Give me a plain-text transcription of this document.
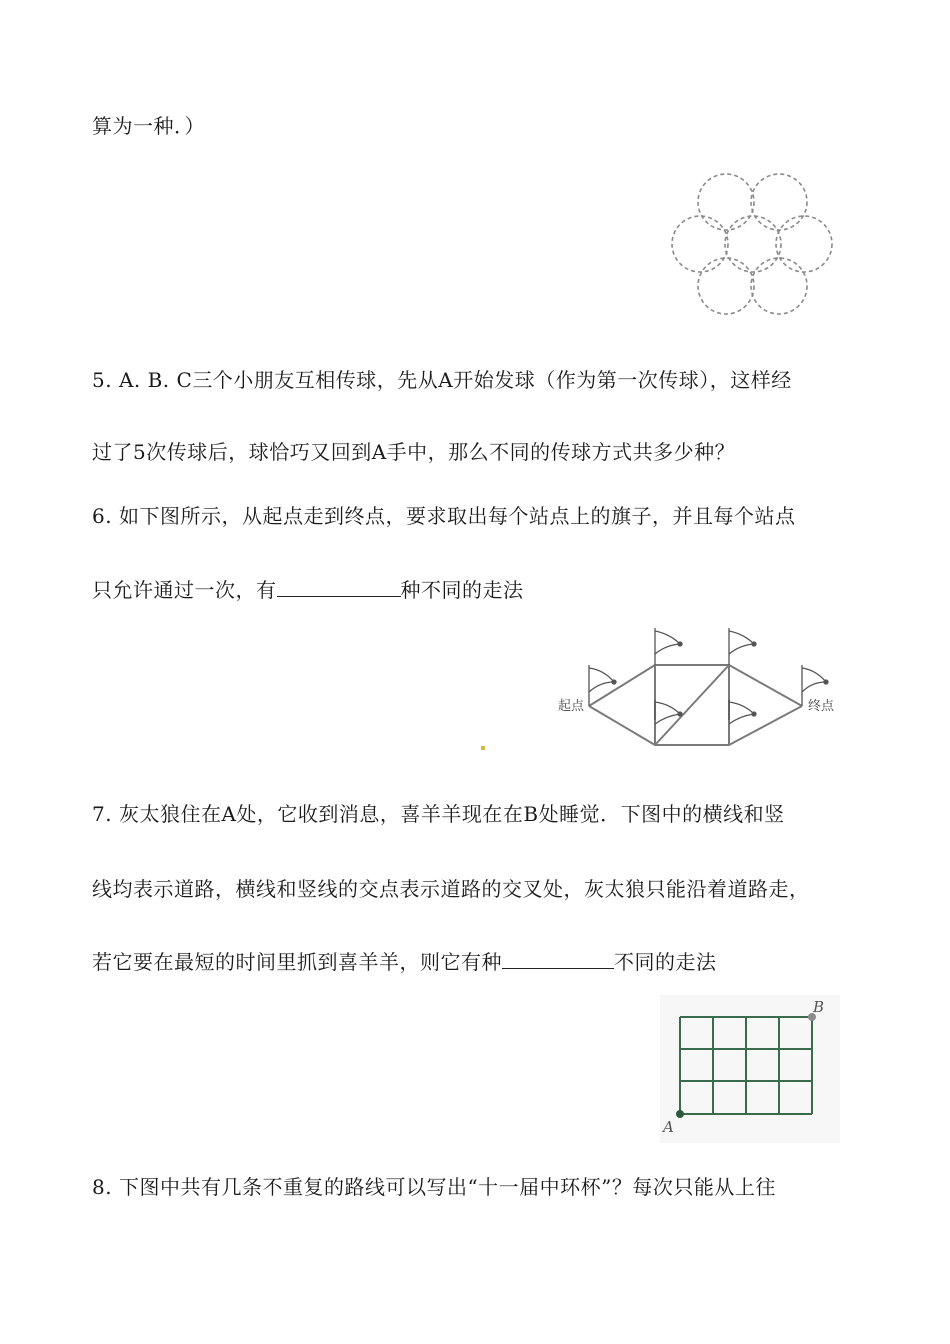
算为一种．）

5. A. B. C三个小朋友互相传球，先从A开始发球（作为第一次传球），这样经

过了5次传球后，球恰巧又回到A手中，那么不同的传球方式共多少种？

6. 如下图所示，从起点走到终点，要求取出每个站点上的旗子，并且每个站点

只允许通过一次，有	种不同的走法

起点	终点

7. 灰太狼住在A处，它收到消息，喜羊羊现在在B处睡觉．下图中的横线和竖

线均表示道路，横线和竖线的交点表示道路的交叉处，灰太狼只能沿着道路走，

若它要在最短的时间里抓到喜羊羊，则它有种	不同的走法

A
B

8. 下图中共有几条不重复的路线可以写出“十一届中环杯”？每次只能从上往
